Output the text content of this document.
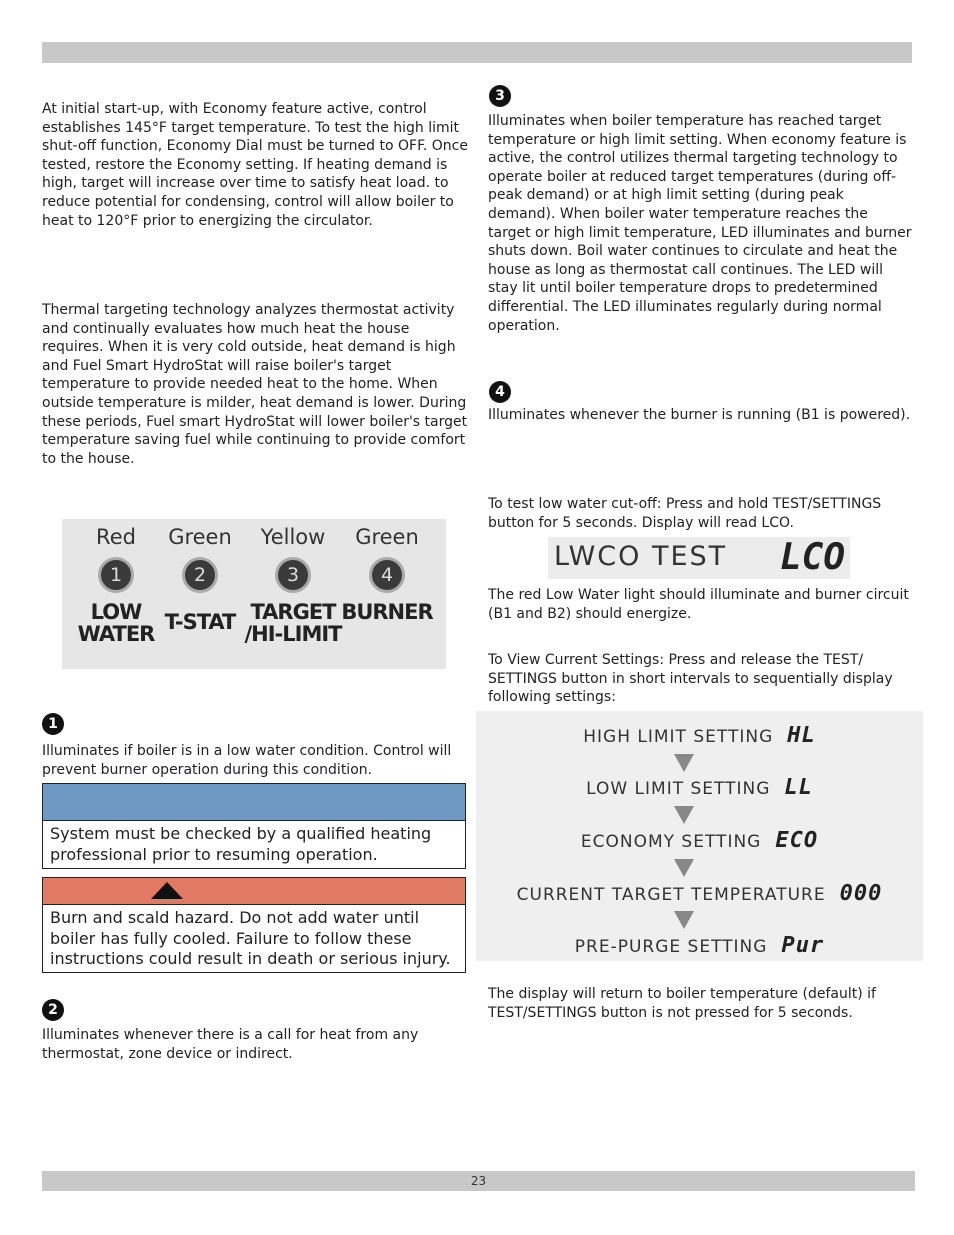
At initial start-up, with Economy feature active, control establishes 145°F target temperature. To test the high limit shut-off function, Economy Dial must be turned to OFF. Once tested, restore the Economy setting. If heating demand is high, target will increase over time to satisfy heat load. to reduce potential for condensing, control will allow boiler to heat to 120°F prior to energizing the circulator.

Thermal targeting technology analyzes thermostat activity and continually evaluates how much heat the house requires. When it is very cold outside, heat demand is high and Fuel Smart HydroStat will raise boiler's target temperature to provide needed heat to the home. When outside temperature is milder, heat demand is lower. During these periods, Fuel smart HydroStat will lower boiler's target temperature saving fuel while continuing to provide comfort to the house.

Red
1
LOW
WATER
Green
2
T-STAT
Yellow
3
TARGET
/HI-LIMIT
Green
4
BURNER
1

Illuminates if boiler is in a low water condition. Control will prevent burner operation during this condition.

System must be checked by a qualified heating professional prior to resuming operation.
Burn and scald hazard. Do not add water until boiler has fully cooled. Failure to follow these instructions could result in death or serious injury.
2

Illuminates whenever there is a call for heat from any thermostat, zone device or indirect.

3

Illuminates when boiler temperature has reached target temperature or high limit setting. When economy feature is active, the control utilizes thermal targeting technology to operate boiler at reduced target temperatures (during off-peak demand) or at high limit setting (during peak demand). When boiler water temperature reaches the target or high limit temperature, LED illuminates and burner shuts down. Boil water continues to circulate and heat the house as long as thermostat call continues. The LED will stay lit until boiler temperature drops to predetermined differential. The LED illuminates regularly during normal operation.

4

Illuminates whenever the burner is running (B1 is powered).

To test low water cut-off: Press and hold TEST/SETTINGS button for 5 seconds. Display will read LCO.

LWCO TEST LCO

The red Low Water light should illuminate and burner circuit (B1 and B2) should energize.

To View Current Settings: Press and release the TEST/ SETTINGS button in short intervals to sequentially display following settings:

HIGH LIMIT SETTING HL
LOW LIMIT SETTING LL
ECONOMY SETTING ECO
CURRENT TARGET TEMPERATURE 000
PRE-PURGE SETTING Pur

The display will return to boiler temperature (default) if TEST/SETTINGS button is not pressed for 5 seconds.

23
